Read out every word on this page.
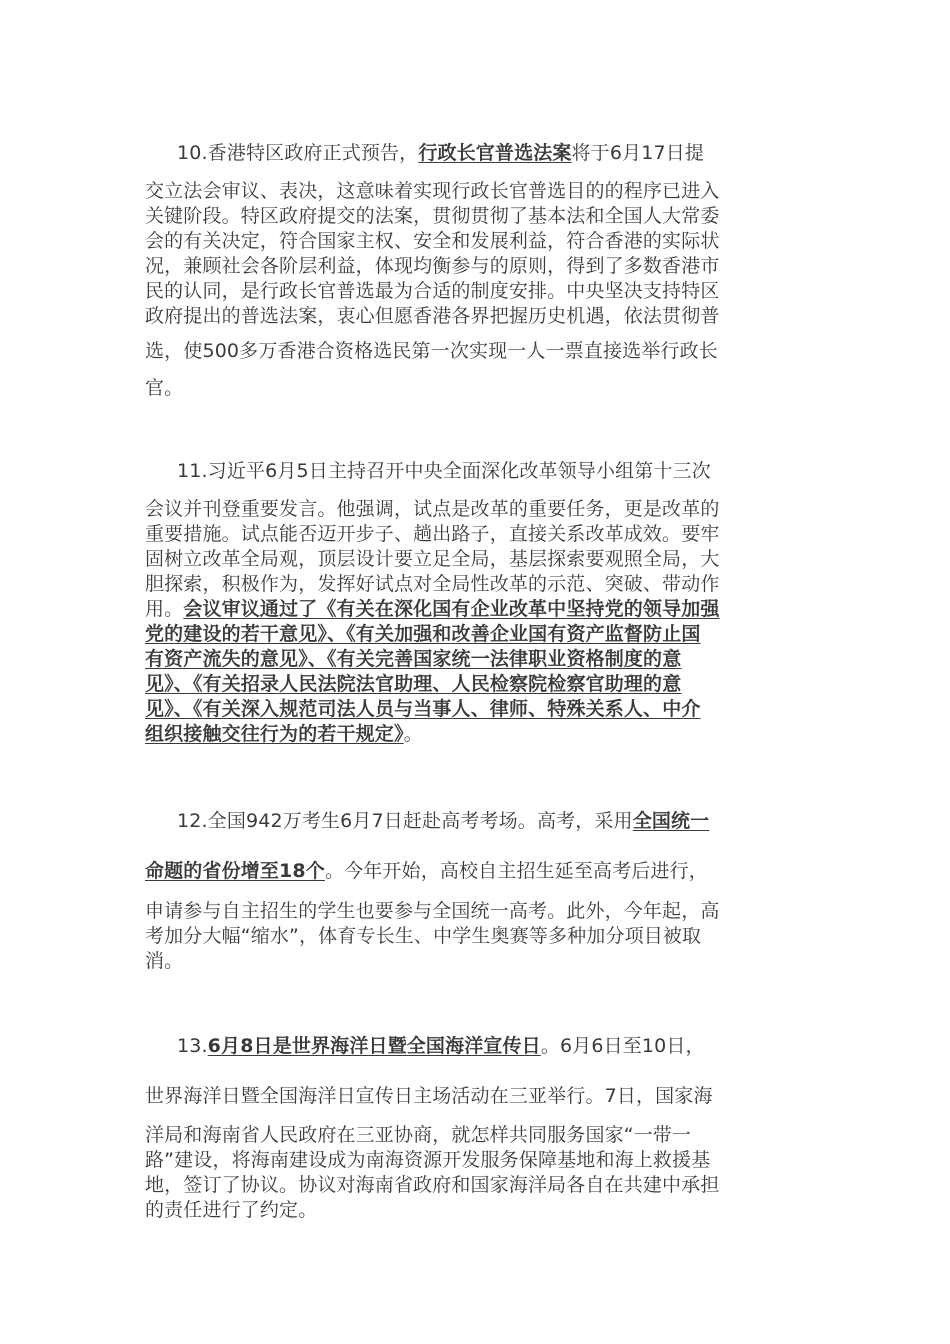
10.香港特区政府正式预告，行政长官普选法案将于6月17日提
交立法会审议、表决，这意味着实现行政长官普选目的的程序已进入
关键阶段。特区政府提交的法案，贯彻贯彻了基本法和全国人大常委
会的有关决定，符合国家主权、安全和发展利益，符合香港的实际状
况，兼顾社会各阶层利益，体现均衡参与的原则，得到了多数香港市
民的认同，是行政长官普选最为合适的制度安排。中央坚决支持特区
政府提出的普选法案，衷心但愿香港各界把握历史机遇，依法贯彻普
选，使500多万香港合资格选民第一次实现一人一票直接选举行政长
官。
11.习近平6月5日主持召开中央全面深化改革领导小组第十三次
会议并刊登重要发言。他强调，试点是改革的重要任务，更是改革的
重要措施。试点能否迈开步子、趟出路子，直接关系改革成效。要牢
固树立改革全局观，顶层设计要立足全局，基层探索要观照全局，大
胆探索，积极作为，发挥好试点对全局性改革的示范、突破、带动作
用。会议审议通过了《有关在深化国有企业改革中坚持党的领导加强
党的建设的若干意见》、《有关加强和改善企业国有资产监督防止国
有资产流失的意见》、《有关完善国家统一法律职业资格制度的意
见》、《有关招录人民法院法官助理、人民检察院检察官助理的意
见》、《有关深入规范司法人员与当事人、律师、特殊关系人、中介
组织接触交往行为的若干规定》。
12.全国942万考生6月7日赶赴高考考场。高考，采用全国统一
命题的省份增至18个。今年开始，高校自主招生延至高考后进行，
申请参与自主招生的学生也要参与全国统一高考。此外，今年起，高
考加分大幅“缩水”，体育专长生、中学生奥赛等多种加分项目被取
消。
13.6月8日是世界海洋日暨全国海洋宣传日。6月6日至10日，
世界海洋日暨全国海洋日宣传日主场活动在三亚举行。7日，国家海
洋局和海南省人民政府在三亚协商，就怎样共同服务国家“一带一
路”建设，将海南建设成为南海资源开发服务保障基地和海上救援基
地，签订了协议。协议对海南省政府和国家海洋局各自在共建中承担
的责任进行了约定。
